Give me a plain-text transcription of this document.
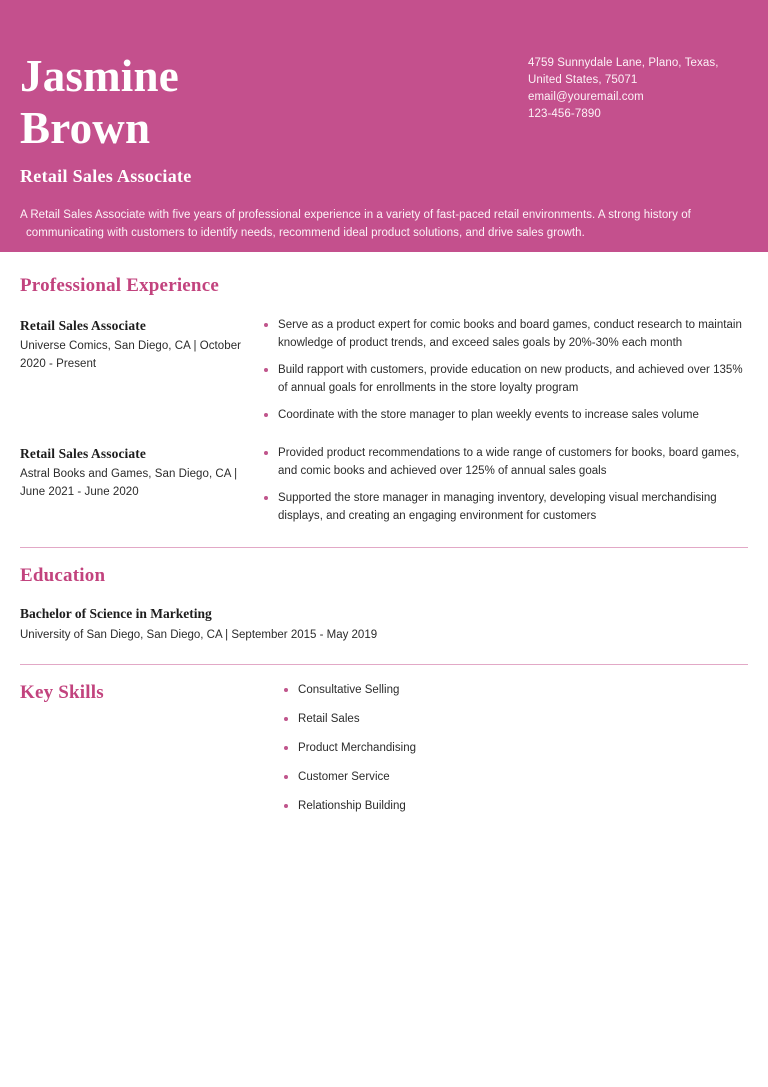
Jasmine
Brown
Retail Sales Associate
4759 Sunnydale Lane, Plano, Texas,
United States, 75071
email@youremail.com
123-456-7890
A Retail Sales Associate with five years of professional experience in a variety of fast-paced retail environments. A strong history of
communicating with customers to identify needs, recommend ideal product solutions, and drive sales growth.
Professional Experience
Retail Sales Associate
Universe Comics, San Diego, CA | October 2020 - Present
Serve as a product expert for comic books and board games, conduct research to maintain knowledge of product trends, and exceed sales goals by 20%-30% each month
Build rapport with customers, provide education on new products, and achieved over 135% of annual goals for enrollments in the store loyalty program
Coordinate with the store manager to plan weekly events to increase sales volume
Retail Sales Associate
Astral Books and Games, San Diego, CA | June 2021 - June 2020
Provided product recommendations to a wide range of customers for books, board games, and comic books and achieved over 125% of annual sales goals
Supported the store manager in managing inventory, developing visual merchandising displays, and creating an engaging environment for customers
Education
Bachelor of Science in Marketing
University of San Diego, San Diego, CA | September 2015 - May 2019
Key Skills	Consultative Selling
Retail Sales
Product Merchandising
Customer Service
Relationship Building
